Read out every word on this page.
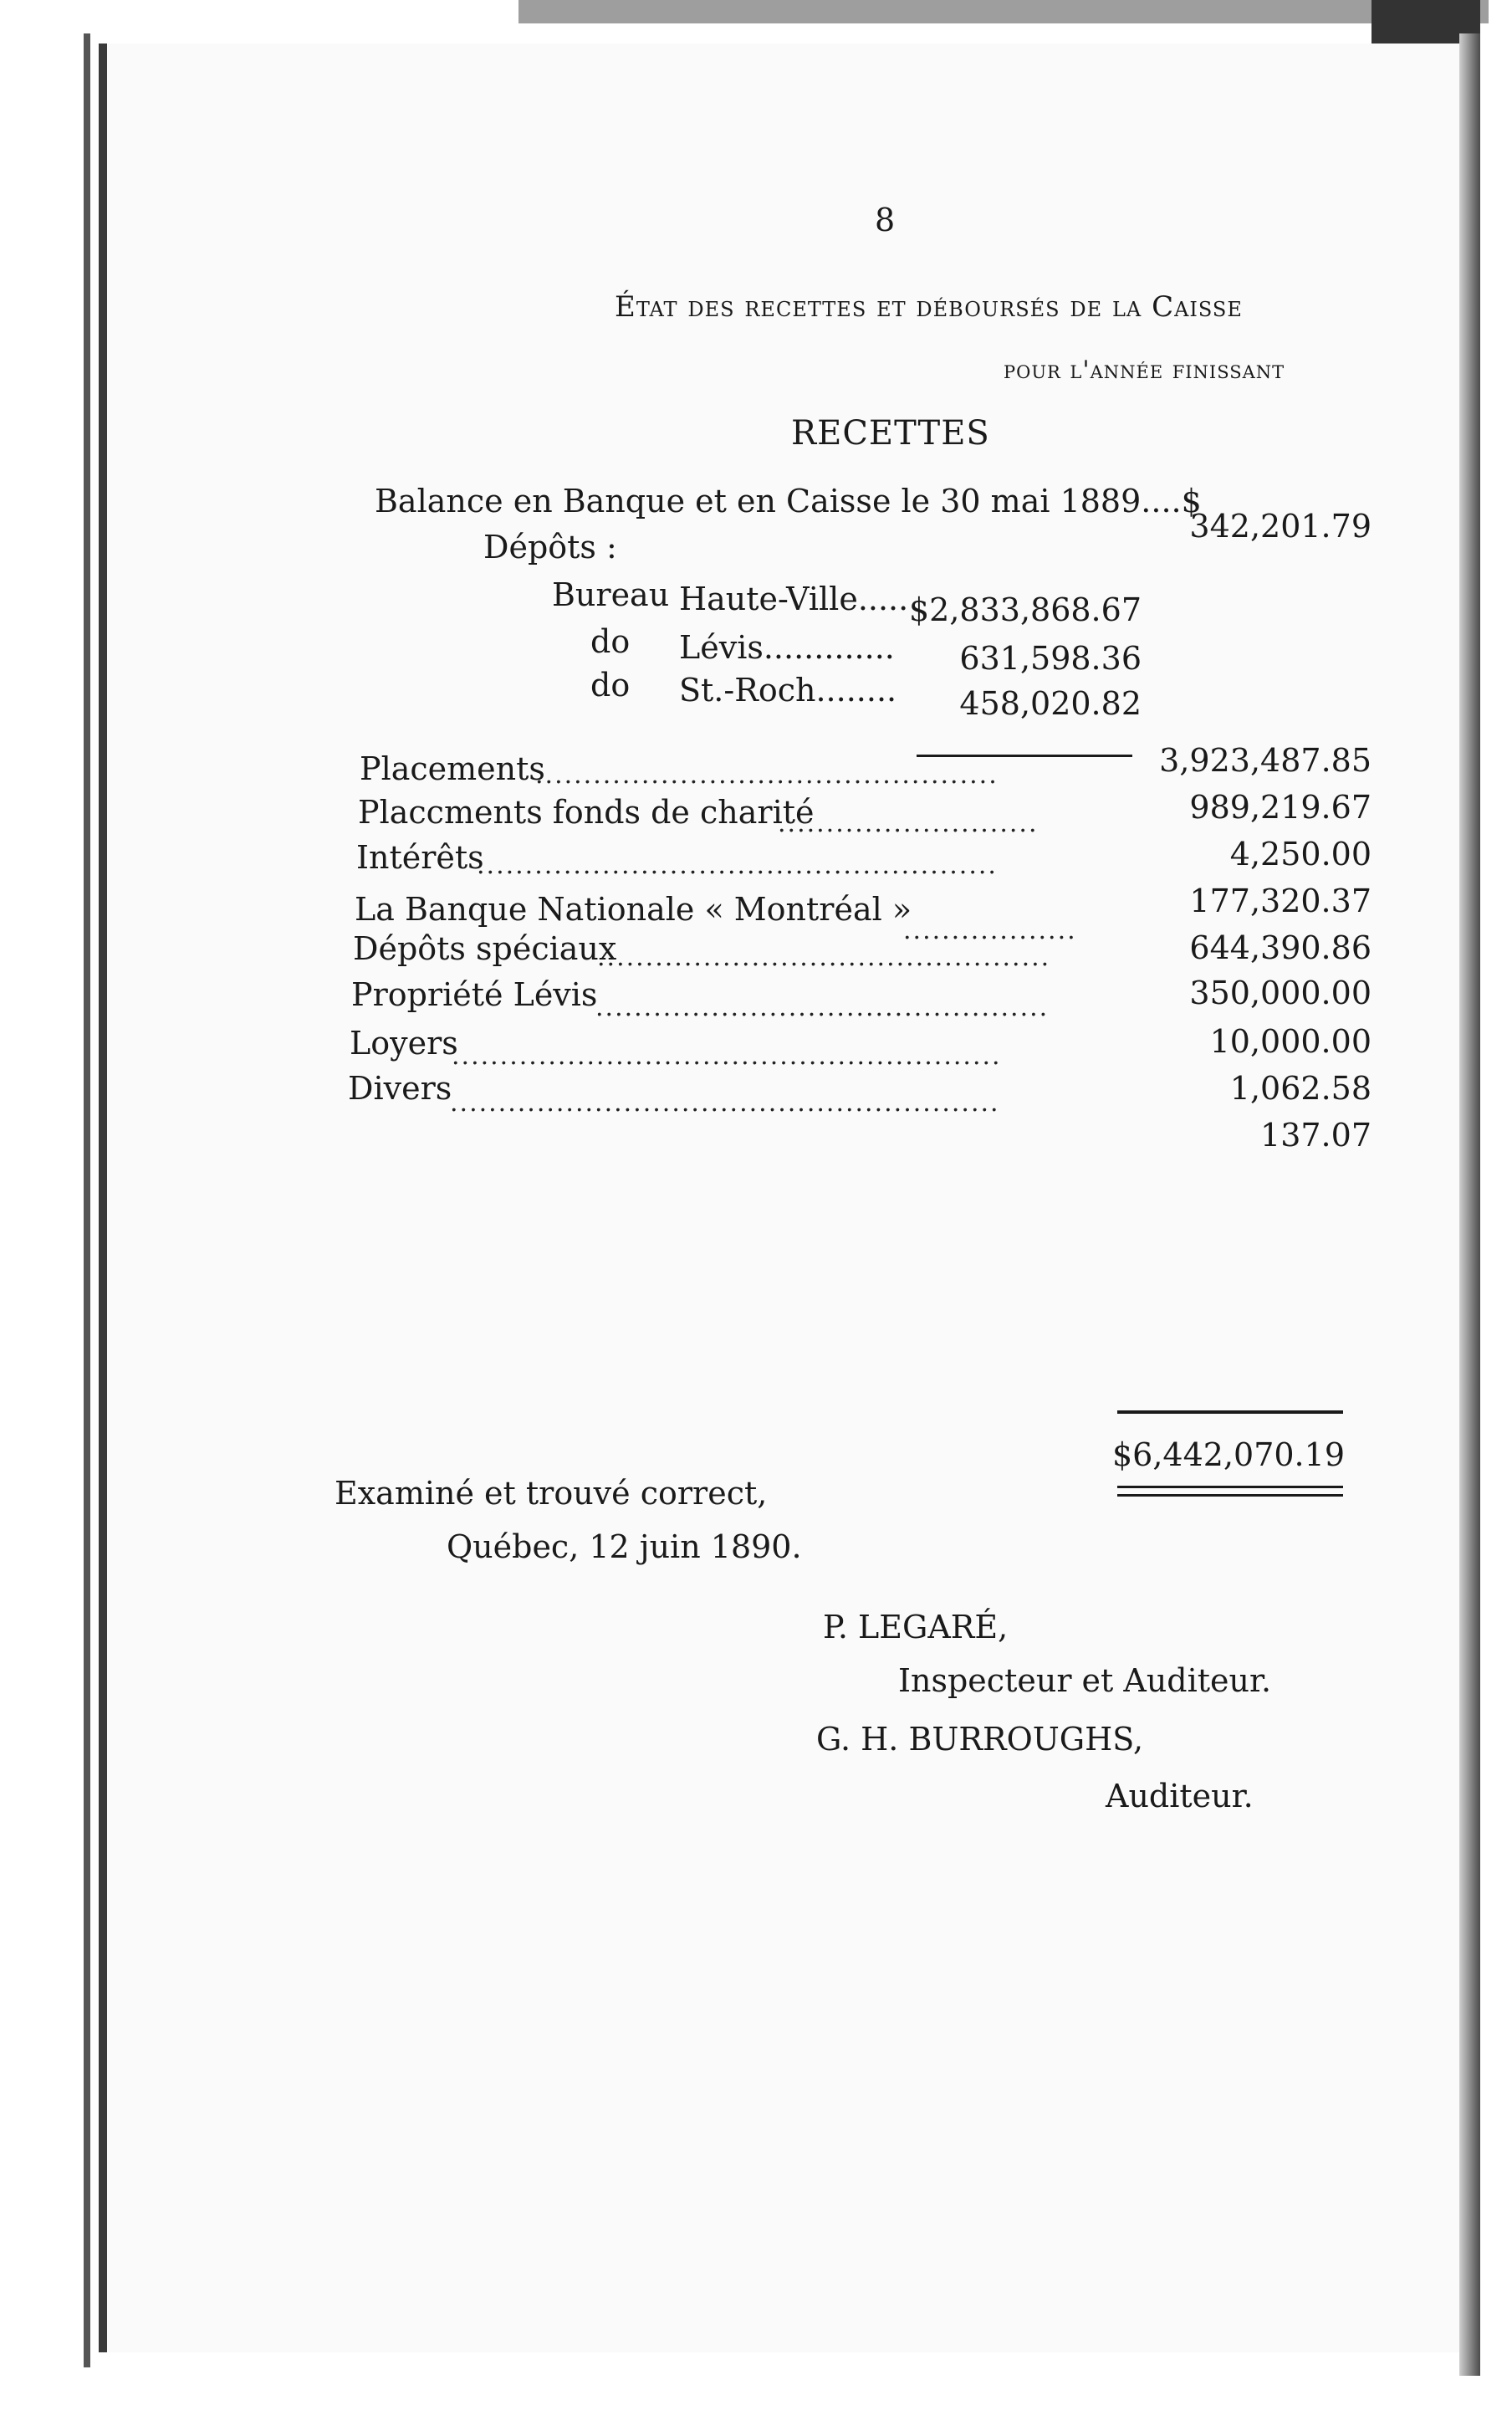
8
État des recettes et déboursés de la Caisse
pour l'année finissant
RECETTES
Balance en Banque et en Caisse le 30 mai 1889....$
342,201.79
Dépôts :
Bureau Haute-Ville..... $2,833,868.67
do Lévis............. 631,598.36
do St.-Roch........ 458,020.82
3,923,487.85
Placements
................................................
989,219.67
Placcments fonds de charité
...........................
4,250.00
Intérêts
......................................................
177,320.37
La Banque Nationale « Montréal »
..................	644,390.86
Dépôts spéciaux
...............................................
350,000.00
Propriété Lévis
...............................................
10,000.00
Loyers
.........................................................
1,062.58
Divers
.........................................................
137.07
$6,442,070.19
Examiné et trouvé correct,
Québec, 12 juin 1890.
P. LEGARÉ,
Inspecteur et Auditeur.
G. H. BURROUGHS,
Auditeur.
